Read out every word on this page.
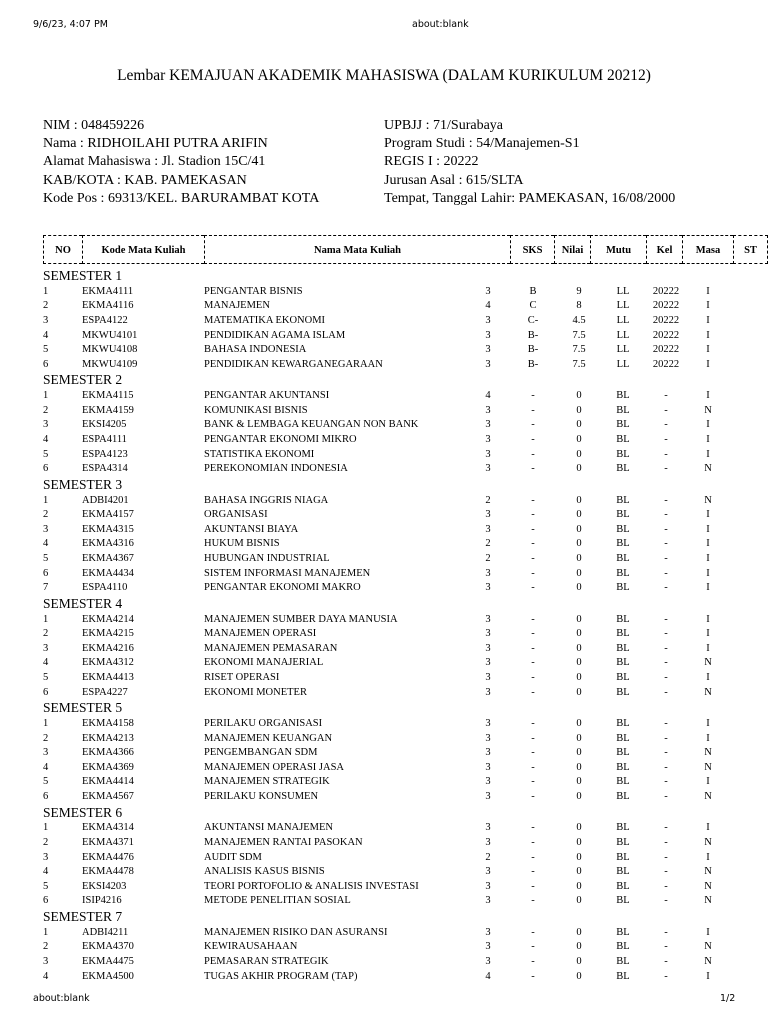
9/6/23, 4:07 PM	about:blank
Lembar KEMAJUAN AKADEMIK MAHASISWA (DALAM KURIKULUM 20212)
NIM : 048459226
Nama : RIDHOILAHI PUTRA ARIFIN
Alamat Mahasiswa : Jl. Stadion 15C/41
KAB/KOTA : KAB. PAMEKASAN
Kode Pos : 69313/KEL. BARURAMBAT KOTA
UPBJJ : 71/Surabaya
Program Studi : 54/Manajemen-S1
REGIS I : 20222
Jurusan Asal : 615/SLTA
Tempat, Tanggal Lahir: PAMEKASAN, 16/08/2000
NO	Kode Mata Kuliah	Nama Mata Kuliah	SKS	Nilai	Mutu	Kel	Masa	ST
SEMESTER 1
1	EKMA4111	PENGANTAR BISNIS	3	B	9	LL	20222	I
2	EKMA4116	MANAJEMEN	4	C	8	LL	20222	I
3	ESPA4122	MATEMATIKA EKONOMI	3	C-	4.5	LL	20222	I
4	MKWU4101	PENDIDIKAN AGAMA ISLAM	3	B-	7.5	LL	20222	I
5	MKWU4108	BAHASA INDONESIA	3	B-	7.5	LL	20222	I
6	MKWU4109	PENDIDIKAN KEWARGANEGARAAN	3	B-	7.5	LL	20222	I
SEMESTER 2
1	EKMA4115	PENGANTAR AKUNTANSI	4	-	0	BL	-	I
2	EKMA4159	KOMUNIKASI BISNIS	3	-	0	BL	-	N
3	EKSI4205	BANK & LEMBAGA KEUANGAN NON BANK	3	-	0	BL	-	I
4	ESPA4111	PENGANTAR EKONOMI MIKRO	3	-	0	BL	-	I
5	ESPA4123	STATISTIKA EKONOMI	3	-	0	BL	-	I
6	ESPA4314	PEREKONOMIAN INDONESIA	3	-	0	BL	-	N
SEMESTER 3
1	ADBI4201	BAHASA INGGRIS NIAGA	2	-	0	BL	-	N
2	EKMA4157	ORGANISASI	3	-	0	BL	-	I
3	EKMA4315	AKUNTANSI BIAYA	3	-	0	BL	-	I
4	EKMA4316	HUKUM BISNIS	2	-	0	BL	-	I
5	EKMA4367	HUBUNGAN INDUSTRIAL	2	-	0	BL	-	I
6	EKMA4434	SISTEM INFORMASI MANAJEMEN	3	-	0	BL	-	I
7	ESPA4110	PENGANTAR EKONOMI MAKRO	3	-	0	BL	-	I
SEMESTER 4
1	EKMA4214	MANAJEMEN SUMBER DAYA MANUSIA	3	-	0	BL	-	I
2	EKMA4215	MANAJEMEN OPERASI	3	-	0	BL	-	I
3	EKMA4216	MANAJEMEN PEMASARAN	3	-	0	BL	-	I
4	EKMA4312	EKONOMI MANAJERIAL	3	-	0	BL	-	N
5	EKMA4413	RISET OPERASI	3	-	0	BL	-	I
6	ESPA4227	EKONOMI MONETER	3	-	0	BL	-	N
SEMESTER 5
1	EKMA4158	PERILAKU ORGANISASI	3	-	0	BL	-	I
2	EKMA4213	MANAJEMEN KEUANGAN	3	-	0	BL	-	I
3	EKMA4366	PENGEMBANGAN SDM	3	-	0	BL	-	N
4	EKMA4369	MANAJEMEN OPERASI JASA	3	-	0	BL	-	N
5	EKMA4414	MANAJEMEN STRATEGIK	3	-	0	BL	-	I
6	EKMA4567	PERILAKU KONSUMEN	3	-	0	BL	-	N
SEMESTER 6
1	EKMA4314	AKUNTANSI MANAJEMEN	3	-	0	BL	-	I
2	EKMA4371	MANAJEMEN RANTAI PASOKAN	3	-	0	BL	-	N
3	EKMA4476	AUDIT SDM	2	-	0	BL	-	I
4	EKMA4478	ANALISIS KASUS BISNIS	3	-	0	BL	-	N
5	EKSI4203	TEORI PORTOFOLIO & ANALISIS INVESTASI	3	-	0	BL	-	N
6	ISIP4216	METODE PENELITIAN SOSIAL	3	-	0	BL	-	N
SEMESTER 7
1	ADBI4211	MANAJEMEN RISIKO DAN ASURANSI	3	-	0	BL	-	I
2	EKMA4370	KEWIRAUSAHAAN	3	-	0	BL	-	N
3	EKMA4475	PEMASARAN STRATEGIK	3	-	0	BL	-	N
4	EKMA4500	TUGAS AKHIR PROGRAM (TAP)	4	-	0	BL	-	I
about:blank	1/2
